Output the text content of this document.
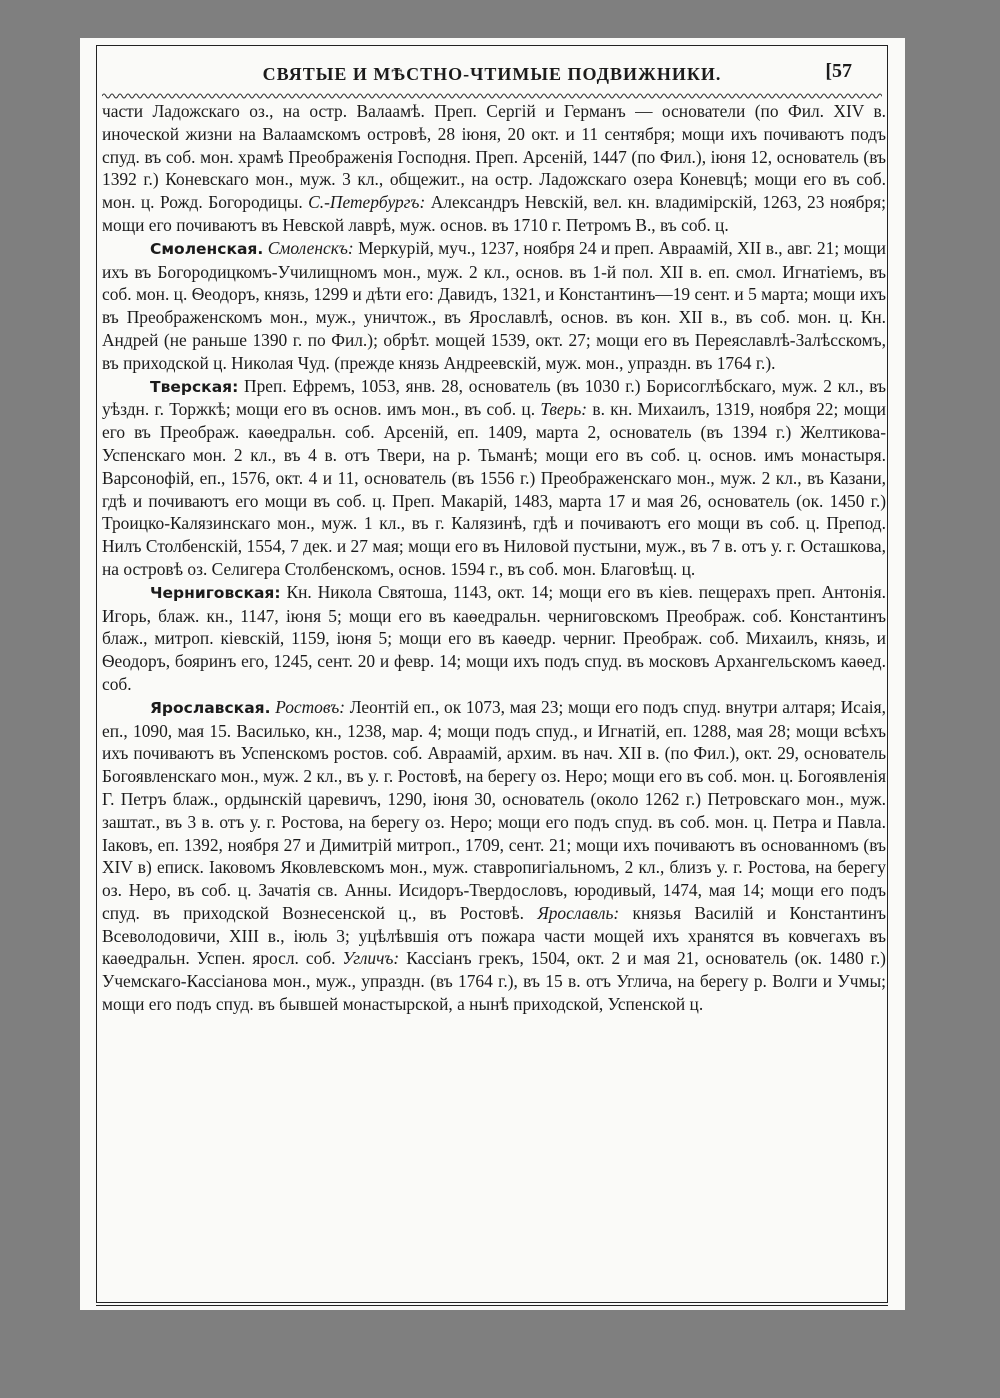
СВЯТЫЕ И МѢСТНО-ЧТИМЫЕ ПОДВИЖНИКИ.	[57

части Ладожскаго оз., на остр. Валаамѣ. Преп. Сергій и Германъ — основатели (по Фил. XIV в. иноческой жизни на Валаамскомъ островѣ, 28 іюня, 20 окт. и 11 сентября; мощи ихъ почиваютъ подъ спуд. въ соб. мон. храмѣ Преображенія Господня. Преп. Арсеній, 1447 (по Фил.), іюня 12, основатель (въ 1392 г.) Коневскаго мон., муж. 3 кл., общежит., на остр. Ладожскаго озера Коневцѣ; мощи его въ соб. мон. ц. Рожд. Богородицы. С.-Петербургъ: Александръ Невскій, вел. кн. владимірскій, 1263, 23 ноября; мощи его почиваютъ въ Невской лаврѣ, муж. основ. въ 1710 г. Петромъ В., въ соб. ц.

Смоленская. Смоленскъ: Меркурій, муч., 1237, ноября 24 и преп. Авраамій, XII в., авг. 21; мощи ихъ въ Богородицкомъ-Училищномъ мон., муж. 2 кл., основ. въ 1-й пол. XII в. еп. смол. Игнатіемъ, въ соб. мон. ц. Ѳеодоръ, князь, 1299 и дѣти его: Давидъ, 1321, и Константинъ—19 сент. и 5 марта; мощи ихъ въ Преображенскомъ мон., муж., уничтож., въ Ярославлѣ, основ. въ кон. XII в., въ соб. мон. ц. Кн. Андрей (не раньше 1390 г. по Фил.); обрѣт. мощей 1539, окт. 27; мощи его въ Переяславлѣ-Залѣсскомъ, въ приходской ц. Николая Чуд. (прежде князь Андреевскій, муж. мон., упраздн. въ 1764 г.).

Тверская: Преп. Ефремъ, 1053, янв. 28, основатель (въ 1030 г.) Борисоглѣбскаго, муж. 2 кл., въ уѣздн. г. Торжкѣ; мощи его въ основ. имъ мон., въ соб. ц. Тверь: в. кн. Михаилъ, 1319, ноября 22; мощи его въ Преображ. каѳедральн. соб. Арсеній, еп. 1409, марта 2, основатель (въ 1394 г.) Желтикова-Успенскаго мон. 2 кл., въ 4 в. отъ Твери, на р. Тьманѣ; мощи его въ соб. ц. основ. имъ монастыря. Варсонофій, еп., 1576, окт. 4 и 11, основатель (въ 1556 г.) Преображенскаго мон., муж. 2 кл., въ Казани, гдѣ и почиваютъ его мощи въ соб. ц. Преп. Макарій, 1483, марта 17 и мая 26, основатель (ок. 1450 г.) Троицко-Калязинскаго мон., муж. 1 кл., въ г. Калязинѣ, гдѣ и почиваютъ его мощи въ соб. ц. Препод. Нилъ Столбенскій, 1554, 7 дек. и 27 мая; мощи его въ Ниловой пустыни, муж., въ 7 в. отъ у. г. Осташкова, на островѣ оз. Селигера Столбенскомъ, основ. 1594 г., въ соб. мон. Благовѣщ. ц.

Черниговская: Кн. Никола Святоша, 1143, окт. 14; мощи его въ кіев. пещерахъ преп. Антонія. Игорь, блаж. кн., 1147, іюня 5; мощи его въ каѳедральн. черниговскомъ Преображ. соб. Константинъ блаж., митроп. кіевскій, 1159, іюня 5; мощи его въ каѳедр. черниг. Преображ. соб. Михаилъ, князь, и Ѳеодоръ, бояринъ его, 1245, сент. 20 и февр. 14; мощи ихъ подъ спуд. въ московъ Архангельскомъ каѳед. соб.

Ярославская. Ростовъ: Леонтій еп., ок 1073, мая 23; мощи его подъ спуд. внутри алтаря; Исаія, еп., 1090, мая 15. Василько, кн., 1238, мар. 4; мощи подъ спуд., и Игнатій, еп. 1288, мая 28; мощи всѣхъ ихъ почиваютъ въ Успенскомъ ростов. соб. Авраамій, архим. въ нач. XII в. (по Фил.), окт. 29, основатель Богоявленскаго мон., муж. 2 кл., въ у. г. Ростовѣ, на берегу оз. Неро; мощи его въ соб. мон. ц. Богоявленія Г. Петръ блаж., ордынскій царевичъ, 1290, іюня 30, основатель (около 1262 г.) Петровскаго мон., муж. заштат., въ 3 в. отъ у. г. Ростова, на берегу оз. Неро; мощи его подъ спуд. въ соб. мон. ц. Петра и Павла. Іаковъ, еп. 1392, ноября 27 и Димитрій митроп., 1709, сент. 21; мощи ихъ почиваютъ въ основанномъ (въ XIV в) еписк. Іаковомъ Яковлевскомъ мон., муж. ставропигіальномъ, 2 кл., близъ у. г. Ростова, на берегу оз. Неро, въ соб. ц. Зачатія св. Анны. Исидоръ-Твердословъ, юродивый, 1474, мая 14; мощи его подъ спуд. въ приходской Вознесенской ц., въ Ростовѣ. Ярославль: князья Василій и Константинъ Всеволодовичи, XIII в., іюль 3; уцѣлѣвшія отъ пожара части мощей ихъ хранятся въ ковчегахъ въ каѳедральн. Успен. яросл. соб. Угличъ: Кассіанъ грекъ, 1504, окт. 2 и мая 21, основатель (ок. 1480 г.) Учемскаго-Кассіанова мон., муж., упраздн. (въ 1764 г.), въ 15 в. отъ Углича, на берегу р. Волги и Учмы; мощи его подъ спуд. въ бывшей монастырской, а нынѣ приходской, Успенской ц.
